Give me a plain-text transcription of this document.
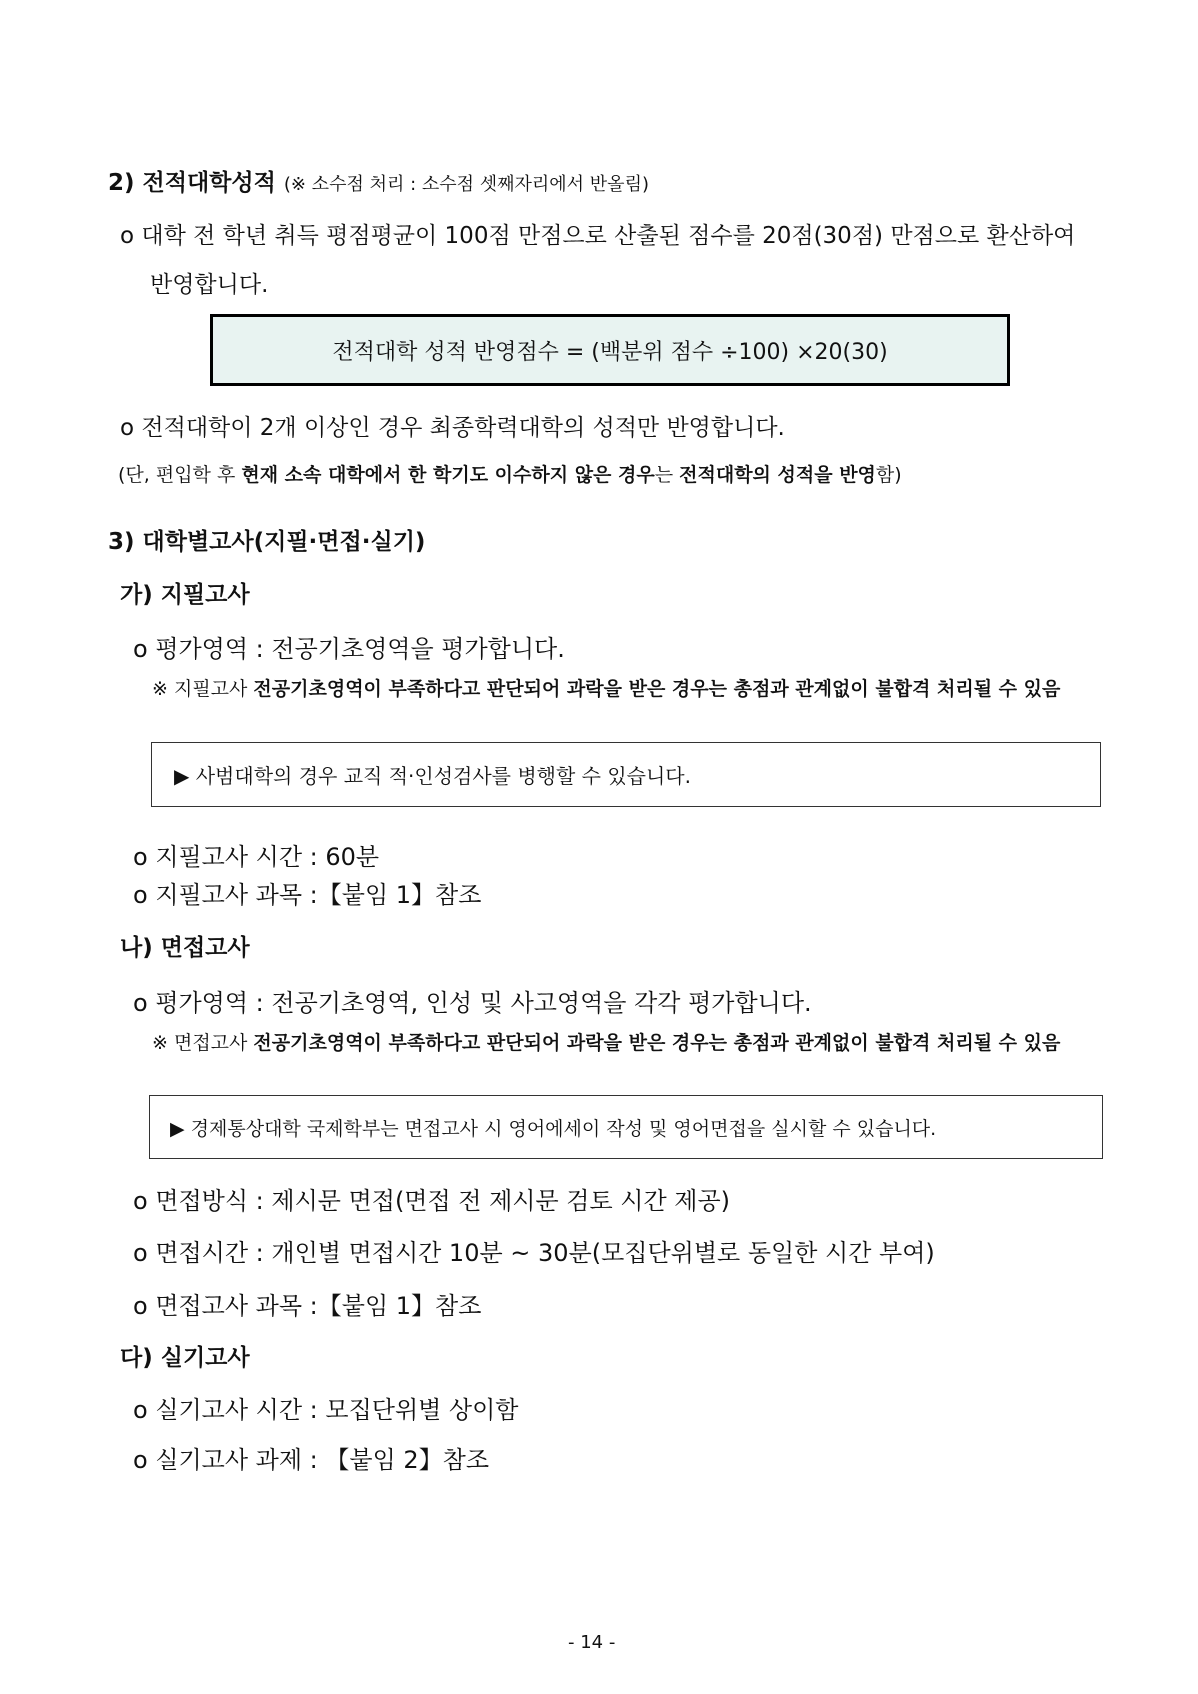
2) 전적대학성적 (※ 소수점 처리 : 소수점 셋째자리에서 반올림)
o 대학 전 학년 취득 평점평균이 100점 만점으로 산출된 점수를 20점(30점) 만점으로 환산하여
반영합니다.
전적대학 성적 반영점수 = (백분위 점수 ÷100) ×20(30)
o 전적대학이 2개 이상인 경우 최종학력대학의 성적만 반영합니다.
(단, 편입학 후 현재 소속 대학에서 한 학기도 이수하지 않은 경우는 전적대학의 성적을 반영함)
3) 대학별고사(지필·면접·실기)
가) 지필고사
o 평가영역 : 전공기초영역을 평가합니다.
※ 지필고사 전공기초영역이 부족하다고 판단되어 과락을 받은 경우는 총점과 관계없이 불합격 처리될 수 있음
▶ 사범대학의 경우 교직 적·인성검사를 병행할 수 있습니다.
o 지필고사 시간 : 60분
o 지필고사 과목 :【붙임 1】참조
나) 면접고사
o 평가영역 : 전공기초영역, 인성 및 사고영역을 각각 평가합니다.
※ 면접고사 전공기초영역이 부족하다고 판단되어 과락을 받은 경우는 총점과 관계없이 불합격 처리될 수 있음
▶ 경제통상대학 국제학부는 면접고사 시 영어에세이 작성 및 영어면접을 실시할 수 있습니다.
o 면접방식 : 제시문 면접(면접 전 제시문 검토 시간 제공)
o 면접시간 : 개인별 면접시간 10분 ~ 30분(모집단위별로 동일한 시간 부여)
o 면접고사 과목 :【붙임 1】참조
다) 실기고사
o 실기고사 시간 : 모집단위별 상이함
o 실기고사 과제 : 【붙임 2】참조
- 14 -
